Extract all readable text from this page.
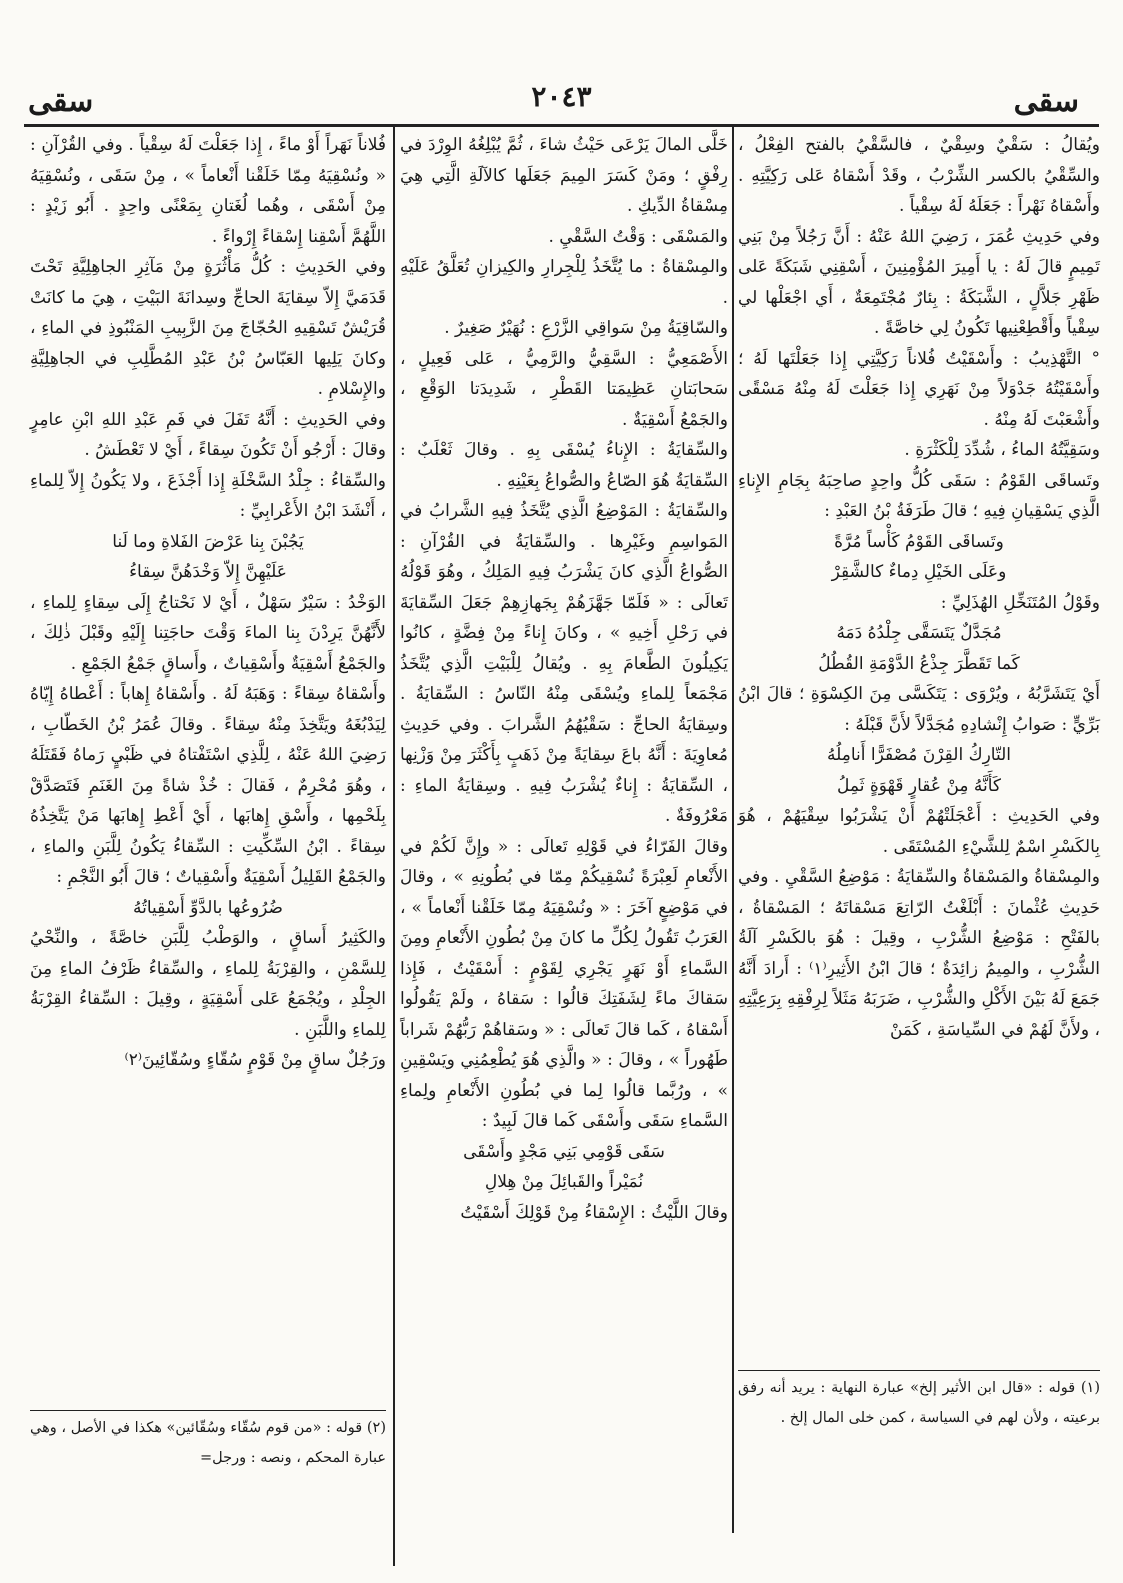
سقى
٢٠٤٣
سقى

ويُقالُ : سَقْيٌ وسِقْيٌ ، فالسَّقْيُ بالفتح الفِعْلُ ، والسِّقْيُ بالكسر الشِّرْبُ ، وقَدْ أَسْقاهُ عَلى رَكِيَّتِهِ . وأَسْقاهُ نَهْراً : جَعَلَهُ لَهُ سِقْياً .

وفي حَدِيثِ عُمَرَ ، رَضِيَ اللهُ عَنْهُ : أَنَّ رَجُلاً مِنْ بَنِي تَمِيمٍ قالَ لَهُ : يا أَمِيرَ المُؤْمِنِينَ ، أَسْقِنِي شَبَكَةً عَلى ظَهْرِ جَلاَّلٍ ، الشَّبَكَةُ : بِئارٌ مُجْتَمِعَةٌ ، أَي اجْعَلْها لي سِقْياً وأَقْطِعْنِيها تَكُونُ لِي خاصَّةً .

° التَّهْذِيبُ : وأَسْقَيْتُ فُلاناً رَكِيَّتِي إِذا جَعَلْتَها لَهُ ؛ وأَسْقَيْتُهُ جَدْوَلاً مِنْ نَهَرِي إِذا جَعَلْتَ لَهُ مِنْهُ مَسْقًى وأَشْعَبْتَ لَهُ مِنْهُ .

وسَقِيَّتُهُ الماءُ ، شُدِّدَ لِلْكَثْرَةِ .

وتَساقَى القَوْمُ : سَقَى كُلُّ واحِدٍ صاحِبَهُ بِجَامِ الإِناءِ الَّذِي يَسْقِيانِ فِيهِ ؛ قالَ طَرَفَةُ بْنُ العَبْدِ :

وتَساقَى القَوْمُ كَأْساً مُرَّةً

وعَلَى الخَيْلِ دِماءٌ كالشَّقِرْ

وقَوْلُ المُتَنَخِّلِ الهُذَلِيِّ :

مُجَدَّلٌ يَتَسَقَّى جِلْدُهُ دَمَهُ

كَما تَقَطَّرَ جِذْعُ الدَّوْمَةِ القُطُلُ

أَيْ يَتَشَرَّبُهُ ، ويُرْوَى : يَتَكَسَّى مِنَ الكِسْوَةِ ؛ قالَ ابْنُ بَرِّيٍّ : صَوابُ إِنْشادِهِ مُجَدَّلاً لأَنَّ قَبْلَهُ :

التّارِكُ القِرْنَ مُصْفَرًّا أَنامِلُهُ

كَأَنَّهُ مِنْ عُقارٍ قَهْوَةٍ ثَمِلُ

وفي الحَدِيثِ : أَعْجَلَتْهُمْ أَنْ يَشْرَبُوا سِقْيَهُمْ ، هُوَ بِالكَسْرِ اسْمٌ لِلشَّيْءِ المُسْتَقَى .

والمِسْقاةُ والمَسْقاةُ والسِّقايَةُ : مَوْضِعُ السَّقْيِ . وفي حَدِيثِ عُثْمانَ : أَبْلَغْتُ الرّاتِعَ مَسْقاتَهُ ؛ المَسْقاةُ ، بالفَتْحِ : مَوْضِعُ الشُّرْبِ ، وقِيلَ : هُوَ بالكَسْرِ آلَةُ الشُّرْبِ ، والمِيمُ زائِدَةٌ ؛ قالَ ابْنُ الأَثِيرِ⁽١⁾ : أَرادَ أَنَّهُ جَمَعَ لَهُ بَيْنَ الأَكْلِ والشُّرْبِ ، ضَرَبَهُ مَثَلاً لِرِفْقِهِ بِرَعِيَّتِهِ ، ولأَنَّ لَهُمْ في السِّياسَةِ ، كَمَنْ

خَلَّى المالَ يَرْعَى حَيْثُ شاءَ ، ثُمَّ يُبْلِغُهُ الوِرْدَ في رِفْقٍ ؛ ومَنْ كَسَرَ المِيمَ جَعَلَها كالآلَةِ الَّتِي هِيَ مِسْقاةُ الدِّيكِ .

والمَسْقَى : وَقْتُ السَّقْيِ .

والمِسْقاةُ : ما يُتَّخَذُ لِلْجِرارِ والكِيزانِ تُعَلَّقُ عَلَيْهِ .

والسّاقِيَةُ مِنْ سَواقِي الزَّرْعِ : نُهَيْرٌ صَغِيرٌ .

الأَصْمَعِيُّ : السَّقِيُّ والرَّمِيُّ ، عَلى فَعِيلٍ ، سَحابَتانِ عَظِيمَتا القَطْرِ ، شَدِيدَتا الوَقْعِ ، والجَمْعُ أَسْقِيَةٌ .

والسِّقايَةُ : الإِناءُ يُسْقَى بِهِ . وقالَ ثَعْلَبٌ : السِّقايَةُ هُوَ الصّاعُ والصُّواعُ بِعَيْنِهِ .

والسِّقايَةُ : المَوْضِعُ الَّذِي يُتَّخَذُ فِيهِ الشَّرابُ في المَواسِمِ وغَيْرِها . والسِّقايَةُ في القُرْآنِ : الصُّواعُ الَّذِي كانَ يَشْرَبُ فِيهِ المَلِكُ ، وهُوَ قَوْلُهُ تَعالَى : « فَلَمّا جَهَّزَهُمْ بِجَهازِهِمْ جَعَلَ السِّقايَةَ في رَحْلِ أَخِيهِ » ، وكانَ إِناءً مِنْ فِضَّةٍ ، كانُوا يَكِيلُونَ الطَّعامَ بِهِ . ويُقالُ لِلْبَيْتِ الَّذِي يُتَّخَذُ مَجْمَعاً لِلماءِ ويُسْقَى مِنْهُ النّاسُ : السِّقايَةُ . وسِقايَةُ الحاجِّ : سَقْيُهُمُ الشَّرابَ . وفي حَدِيثِ مُعاوِيَةَ : أَنَّهُ باعَ سِقايَةً مِنْ ذَهَبٍ بِأَكْثَرَ مِنْ وَزْنِها ، السِّقايَةُ : إِناءٌ يُشْرَبُ فِيهِ . وسِقايَةُ الماءِ : مَعْرُوفَةٌ .

وقالَ الفَرّاءُ في قَوْلِهِ تَعالَى : « وإِنَّ لَكُمْ في الأَنْعامِ لَعِبْرَةً نُسْقِيكُمْ مِمّا في بُطُونِهِ » ، وقالَ في مَوْضِعٍ آخَرَ : « ونُسْقِيَهُ مِمّا خَلَقْنا أَنْعاماً » ، العَرَبُ تَقُولُ لِكُلِّ ما كانَ مِنْ بُطُونِ الأَنْعامِ ومِنَ السَّماءِ أَوْ نَهَرٍ يَجْرِي لِقَوْمٍ : أَسْقَيْتُ ، فَإِذا سَقاكَ ماءً لِشَفَتِكَ قالُوا : سَقاهُ ، ولَمْ يَقُولُوا أَسْقاهُ ، كَما قالَ تَعالَى : « وسَقاهُمْ رَبُّهُمْ شَراباً طَهُوراً » ، وقالَ : « والَّذِي هُوَ يُطْعِمُنِي ويَسْقِينِ » ، ورُبَّما قالُوا لِما في بُطُونِ الأَنْعامِ ولِماءِ السَّماءِ سَقَى وأَسْقَى كَما قالَ لَبِيدٌ :

سَقَى قَوْمِي بَنِي مَجْدٍ وأَسْقَى

نُمَيْراً والقَبائِلَ مِنْ هِلالِ

وقالَ اللَّيْثُ : الإِسْقاءُ مِنْ قَوْلِكَ أَسْقَيْتُ

فُلاناً نَهَراً أَوْ ماءً ، إِذا جَعَلْتَ لَهُ سِقْياً . وفي القُرْآنِ : « ونُسْقِيَهُ مِمّا خَلَقْنا أَنْعاماً » ، مِنْ سَقَى ، ونُسْقِيَهُ مِنْ أَسْقَى ، وهُما لُغَتانِ بِمَعْنًى واحِدٍ . أَبُو زَيْدٍ : اللَّهُمَّ أَسْقِنا إِسْقاءً إِرْواءً .

وفي الحَدِيثِ : كُلُّ مَأْثُرَةٍ مِنْ مَآثِرِ الجاهِلِيَّةِ تَحْتَ قَدَمَيَّ إِلاّ سِقايَةَ الحاجِّ وسِدانَةَ البَيْتِ ، هِيَ ما كانَتْ قُرَيْشٌ تَسْقِيهِ الحُجّاجَ مِنَ الزَّبِيبِ المَنْبُوذِ في الماءِ ، وكانَ يَلِيها العَبّاسُ بْنُ عَبْدِ المُطَّلِبِ في الجاهِلِيَّةِ والإِسْلامِ .

وفي الحَدِيثِ : أَنَّهُ تَفَلَ في فَمِ عَبْدِ اللهِ ابْنِ عامِرٍ وقالَ : أَرْجُو أَنْ تَكُونَ سِقاءً ، أَيْ لا تَعْطَشُ .

والسِّقاءُ : جِلْدُ السَّخْلَةِ إِذا أَجْذَعَ ، ولا يَكُونُ إِلاّ لِلماءِ ، أَنْشَدَ ابْنُ الأَعْرابِيِّ :

يَجُبْنَ بِنا عَرْضَ الفَلاةِ وما لَنا

عَلَيْهِنَّ إِلاّ وَخْدَهُنَّ سِقاءُ

الوَخْدُ : سَيْرٌ سَهْلٌ ، أَيْ لا نَحْتاجُ إِلَى سِقاءٍ لِلماءِ ، لأَنَّهُنَّ يَرِدْنَ بِنا الماءَ وَقْتَ حاجَتِنا إِلَيْهِ وقَبْلَ ذٰلِكَ ، والجَمْعُ أَسْقِيَةٌ وأَسْقِياتٌ ، وأَساقٍ جَمْعُ الجَمْعِ .

وأَسْقاهُ سِقاءً : وَهَبَهُ لَهُ . وأَسْقاهُ إِهاباً : أَعْطاهُ إِيّاهُ لِيَدْبُغَهُ ويَتَّخِذَ مِنْهُ سِقاءً . وقالَ عُمَرُ بْنُ الخَطّابِ ، رَضِيَ اللهُ عَنْهُ ، لِلَّذِي اسْتَفْتاهُ في ظَبْيٍ رَماهُ فَقَتَلَهُ ، وهُوَ مُحْرِمٌ ، فَقالَ : خُذْ شاةً مِنَ الغَنَمِ فَتَصَدَّقْ بِلَحْمِها ، وأَسْقِ إِهابَها ، أَيْ أَعْطِ إِهابَها مَنْ يَتَّخِذُهُ سِقاءً . ابْنُ السِّكِّيتِ : السِّقاءُ يَكُونُ لِلَّبَنِ والماءِ ، والجَمْعُ القَلِيلُ أَسْقِيَةٌ وأَسْقِياتٌ ؛ قالَ أَبُو النَّجْمِ :

ضُرُوعُها بالدَّوِّ أَسْقِياتُهُ

والكَثِيرُ أَساقٍ ، والوَطْبُ لِلَّبَنِ خاصَّةً ، والنِّحْيُ لِلسَّمْنِ ، والقِرْبَةُ لِلماءِ ، والسِّقاءُ ظَرْفُ الماءِ مِنَ الجِلْدِ ، ويُجْمَعُ عَلى أَسْقِيَةٍ ، وقِيلَ : السِّقاءُ القِرْبَةُ لِلماءِ واللَّبَنِ .

ورَجُلٌ ساقٍ مِنْ قَوْمٍ سُقّاءٍ وسُقّائِينَ⁽٢⁾

(١) قوله : «قال ابن الأثير إلخ» عبارة النهاية : يريد أنه رفق برعيته ، ولأن لهم في السياسة ، كمن خلى المال إلخ .
(٢) قوله : «من قوم سُقّاء وسُقّائين» هكذا في الأصل ، وهي عبارة المحكم ، ونصه : ورجل=
